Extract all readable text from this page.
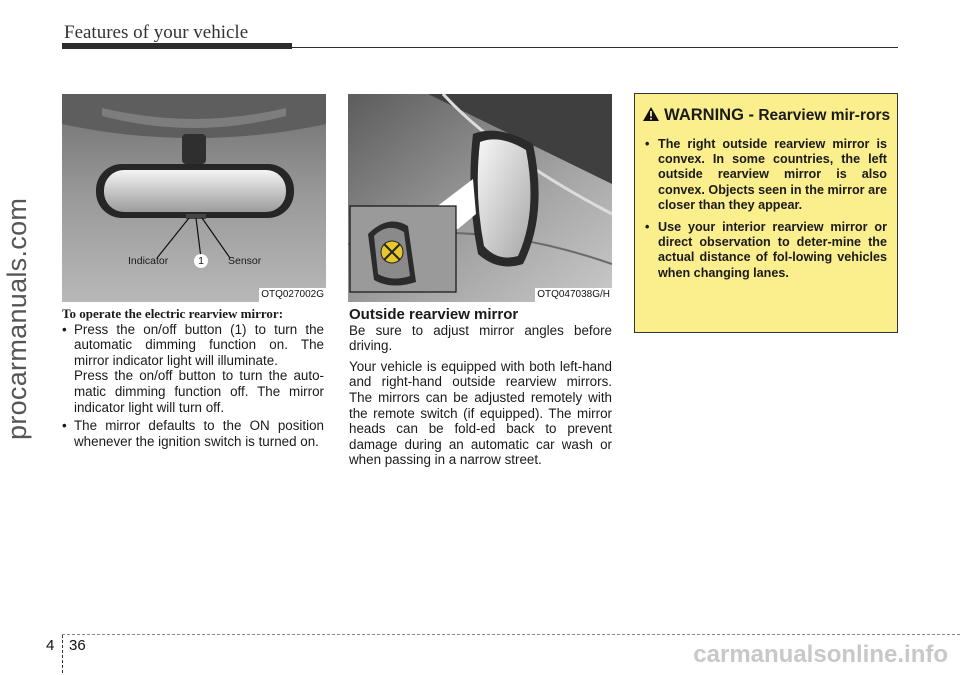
Features of your vehicle
procarmanuals.com	Indicator	1	Sensor
OTQ027002G	OTQ047038G/H

To operate the electric rearview mirror:

• Press the on/off button (1) to turn the automatic dimming function on. The mirror indicator light will illuminate.

Press the on/off button to turn the auto-matic dimming function off. The mirror indicator light will turn off.

• The mirror defaults to the ON position whenever the ignition switch is turned on.

Outside rearview mirror

Be sure to adjust mirror angles before driving.

Your vehicle is equipped with both left-hand and right-hand outside rearview mirrors. The mirrors can be adjusted remotely with the remote switch (if equipped). The mirror heads can be fold-ed back to prevent damage during an automatic car wash or when passing in a narrow street.

WARNING - Rearview mir-rors

• The right outside rearview mirror is convex. In some countries, the left outside rearview mirror is also convex. Objects seen in the mirror are closer than they appear.

• Use your interior rearview mirror or direct observation to deter-mine the actual distance of fol-lowing vehicles when changing lanes.

4 36	carmanualsonline.info
